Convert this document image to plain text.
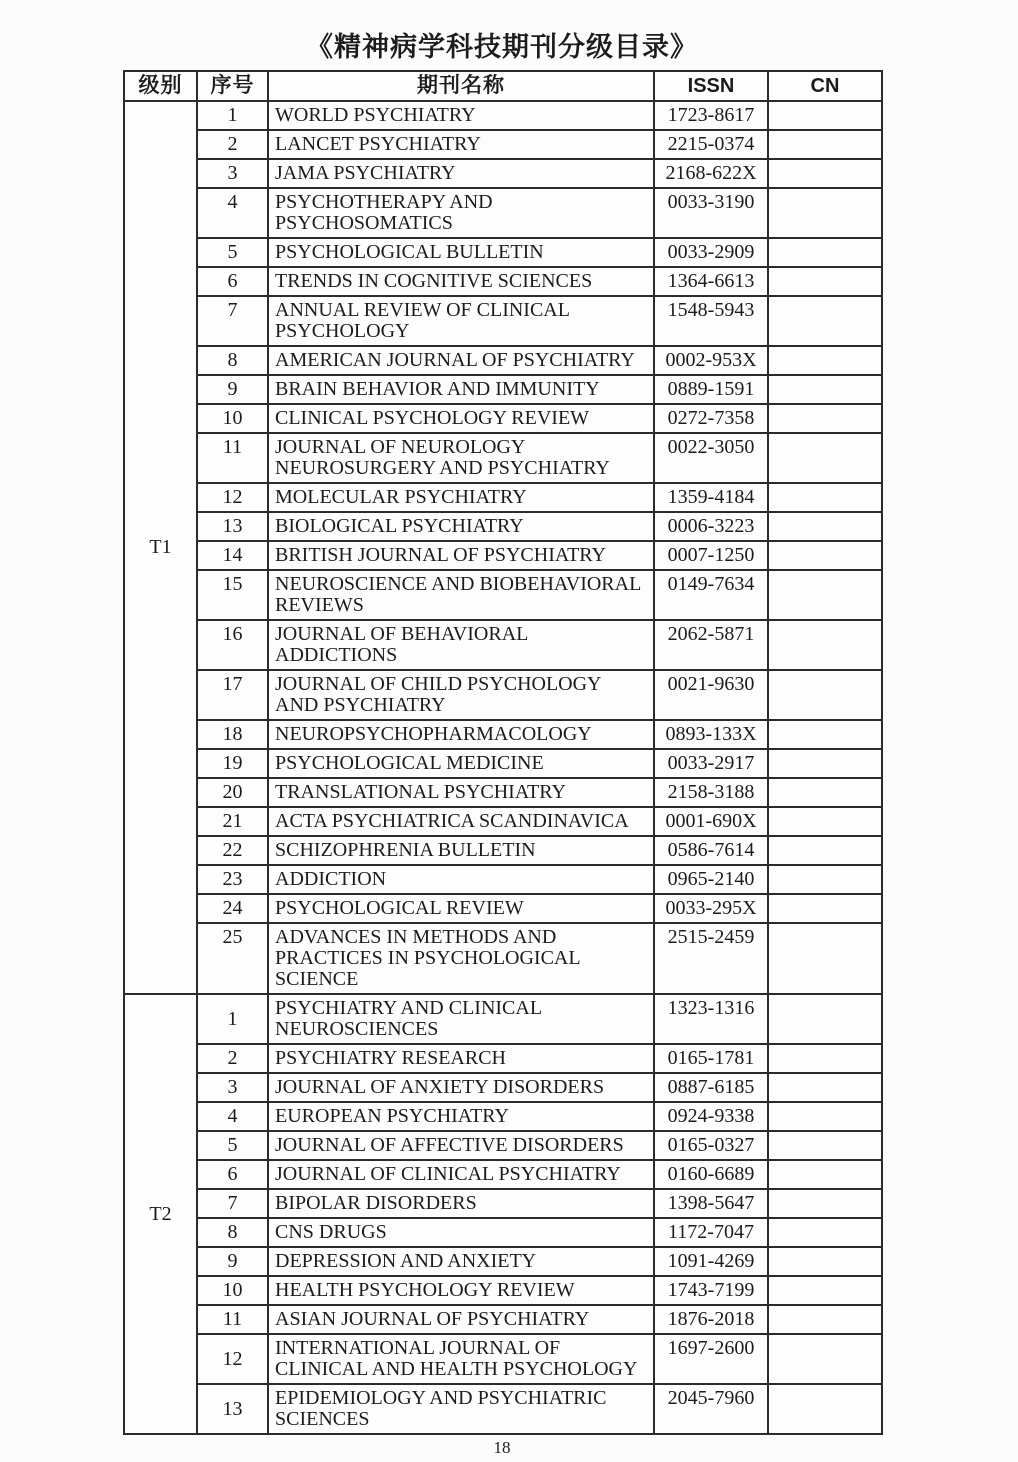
《精神病学科技期刊分级目录》
级别	序号	期刊名称	ISSN	CN
T1	1	WORLD PSYCHIATRY	1723-8617	
	2	LANCET PSYCHIATRY	2215-0374	
	3	JAMA PSYCHIATRY	2168-622X	
	4	PSYCHOTHERAPY AND PSYCHOSOMATICS	0033-3190	
	5	PSYCHOLOGICAL BULLETIN	0033-2909	
	6	TRENDS IN COGNITIVE SCIENCES	1364-6613	
	7	ANNUAL REVIEW OF CLINICAL PSYCHOLOGY	1548-5943	
	8	AMERICAN JOURNAL OF PSYCHIATRY	0002-953X	
	9	BRAIN BEHAVIOR AND IMMUNITY	0889-1591	
	10	CLINICAL PSYCHOLOGY REVIEW	0272-7358	
	11	JOURNAL OF NEUROLOGY NEUROSURGERY AND PSYCHIATRY	0022-3050	
	12	MOLECULAR PSYCHIATRY	1359-4184	
	13	BIOLOGICAL PSYCHIATRY	0006-3223	
	14	BRITISH JOURNAL OF PSYCHIATRY	0007-1250	
	15	NEUROSCIENCE AND BIOBEHAVIORAL REVIEWS	0149-7634	
	16	JOURNAL OF BEHAVIORAL ADDICTIONS	2062-5871	
	17	JOURNAL OF CHILD PSYCHOLOGY AND PSYCHIATRY	0021-9630	
	18	NEUROPSYCHOPHARMACOLOGY	0893-133X	
	19	PSYCHOLOGICAL MEDICINE	0033-2917	
	20	TRANSLATIONAL PSYCHIATRY	2158-3188	
	21	ACTA PSYCHIATRICA SCANDINAVICA	0001-690X	
	22	SCHIZOPHRENIA BULLETIN	0586-7614	
	23	ADDICTION	0965-2140	
	24	PSYCHOLOGICAL REVIEW	0033-295X	
	25	ADVANCES IN METHODS AND PRACTICES IN PSYCHOLOGICAL SCIENCE	2515-2459	
T2	1	PSYCHIATRY AND CLINICAL NEUROSCIENCES	1323-1316	
	2	PSYCHIATRY RESEARCH	0165-1781	
	3	JOURNAL OF ANXIETY DISORDERS	0887-6185	
	4	EUROPEAN PSYCHIATRY	0924-9338	
	5	JOURNAL OF AFFECTIVE DISORDERS	0165-0327	
	6	JOURNAL OF CLINICAL PSYCHIATRY	0160-6689	
	7	BIPOLAR DISORDERS	1398-5647	
	8	CNS DRUGS	1172-7047	
	9	DEPRESSION AND ANXIETY	1091-4269	
	10	HEALTH PSYCHOLOGY REVIEW	1743-7199	
	11	ASIAN JOURNAL OF PSYCHIATRY	1876-2018	
	12	INTERNATIONAL JOURNAL OF CLINICAL AND HEALTH PSYCHOLOGY	1697-2600	
	13	EPIDEMIOLOGY AND PSYCHIATRIC SCIENCES	2045-7960	
18
